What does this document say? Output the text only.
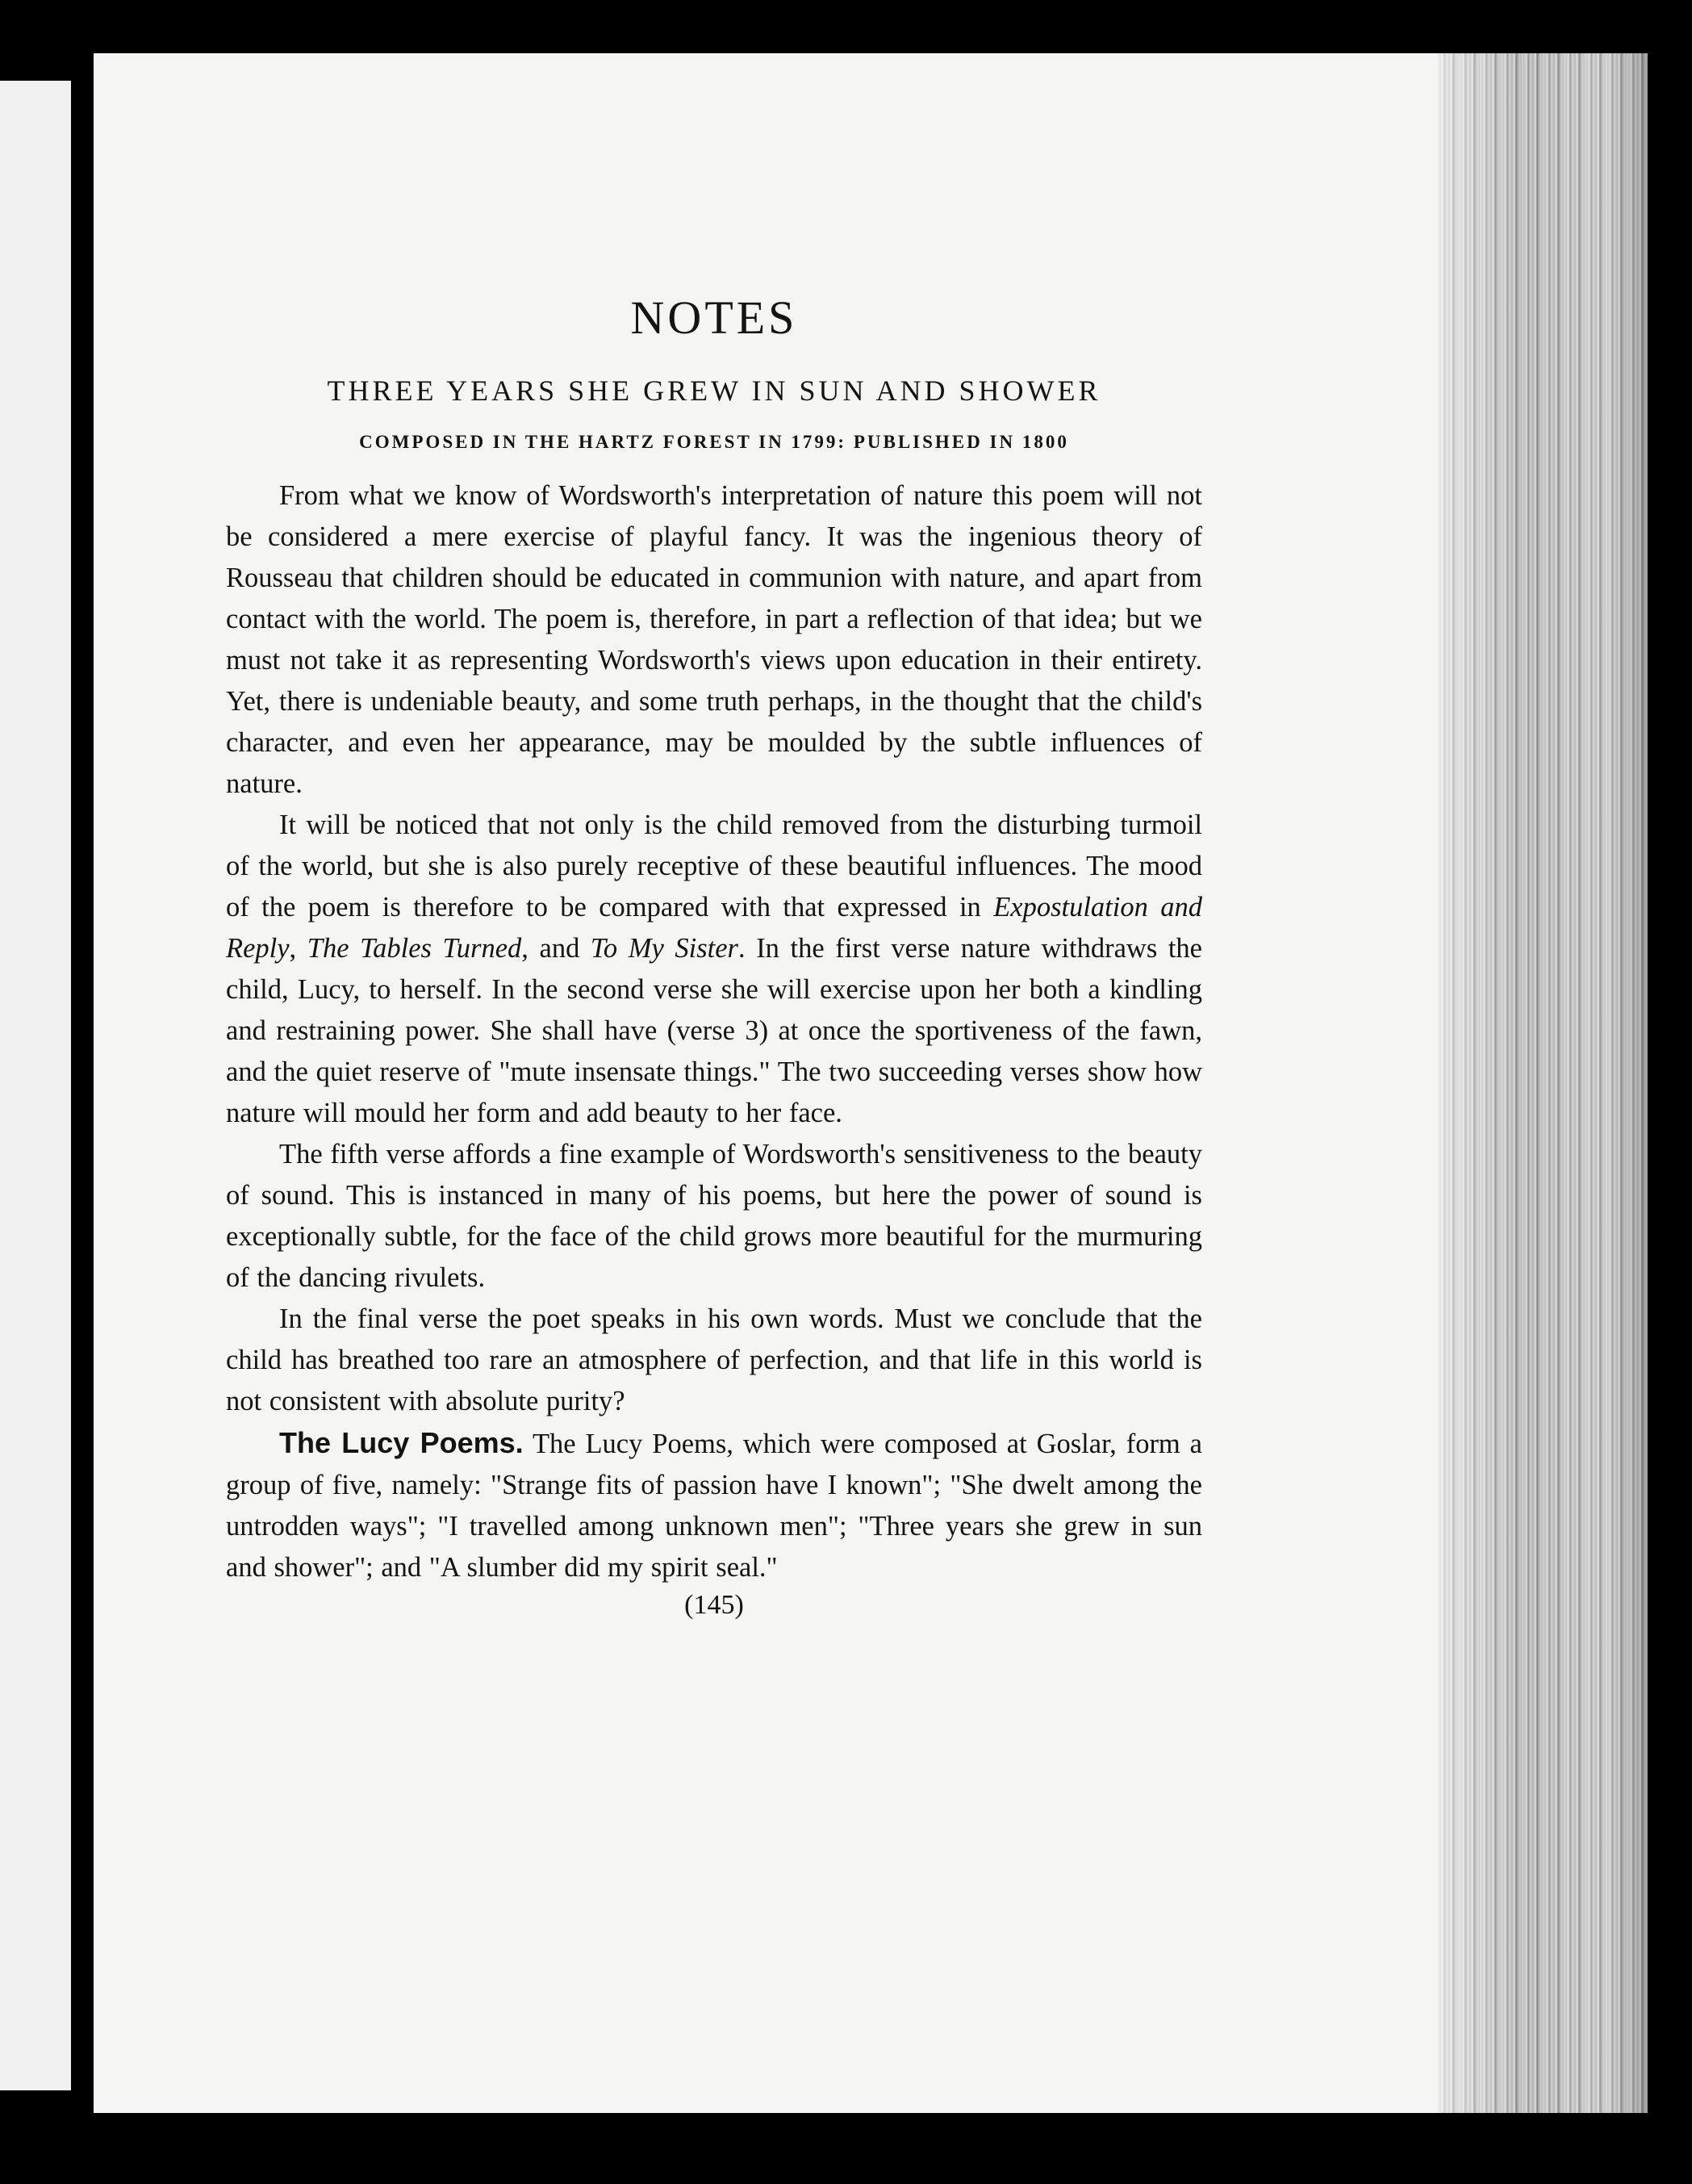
NOTES
THREE YEARS SHE GREW IN SUN AND SHOWER
COMPOSED IN THE HARTZ FOREST IN 1799: PUBLISHED IN 1800

From what we know of Wordsworth's interpretation of nature this poem will not be considered a mere exercise of playful fancy. It was the ingenious theory of Rousseau that children should be educated in communion with nature, and apart from contact with the world. The poem is, therefore, in part a reflection of that idea; but we must not take it as representing Wordsworth's views upon education in their entirety. Yet, there is undeniable beauty, and some truth perhaps, in the thought that the child's character, and even her appearance, may be moulded by the subtle influences of nature.

It will be noticed that not only is the child removed from the disturbing turmoil of the world, but she is also purely receptive of these beautiful influences. The mood of the poem is therefore to be compared with that expressed in Expostulation and Reply, The Tables Turned, and To My Sister. In the first verse nature withdraws the child, Lucy, to herself. In the second verse she will exercise upon her both a kindling and restraining power. She shall have (verse 3) at once the sportiveness of the fawn, and the quiet reserve of "mute insensate things." The two succeeding verses show how nature will mould her form and add beauty to her face.

The fifth verse affords a fine example of Wordsworth's sensitiveness to the beauty of sound. This is instanced in many of his poems, but here the power of sound is exceptionally subtle, for the face of the child grows more beautiful for the murmuring of the dancing rivulets.

In the final verse the poet speaks in his own words. Must we conclude that the child has breathed too rare an atmosphere of perfection, and that life in this world is not consistent with absolute purity?

The Lucy Poems. The Lucy Poems, which were composed at Goslar, form a group of five, namely: "Strange fits of passion have I known"; "She dwelt among the untrodden ways"; "I travelled among unknown men"; "Three years she grew in sun and shower"; and "A slumber did my spirit seal."

(145)
